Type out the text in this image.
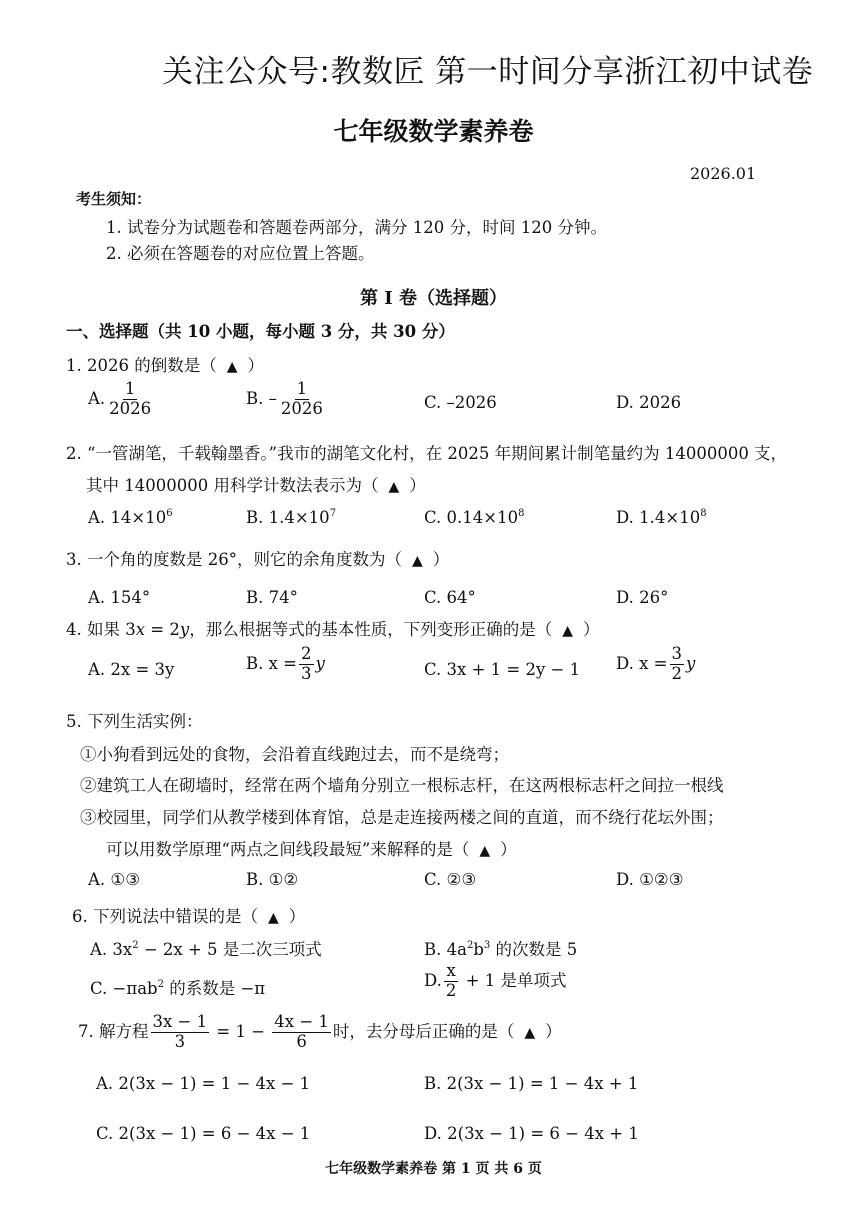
关注公众号:教数匠 第一时间分享浙江初中试卷
七年级数学素养卷
2026.01
考生须知：
1. 试卷分为试题卷和答题卷两部分，满分 120 分，时间 120 分钟。
2. 必须在答题卷的对应位置上答题。
第 I 卷（选择题）
一、选择题（共 10 小题，每小题 3 分，共 30 分）
1. 2026 的倒数是（ ▲ ）
A. $\frac{1}{2026}$	B. – $\frac{1}{2026}$	C. –2026	D. 2026
2. “一管湖笔，千载翰墨香。”我市的湖笔文化村，在 2025 年期间累计制笔量约为 14000000 支，
其中 14000000 用科学计数法表示为（ ▲ ）
A. $14\times 10^6$	B. $1.4\times 10^7$	C. $0.14\times 10^8$	D. $1.4\times 10^8$
3. 一个角的度数是 26°，则它的余角度数为（ ▲ ）
A. 154°	B. 74°	C. 64°	D. 26°
4. 如果 3x = 2y，那么根据等式的基本性质，下列变形正确的是（ ▲ ）
A. 2x = 3y	B. $x = \frac{2}{3}$ y	C. 3x + 1 = 2y − 1 D. $x = \frac{3}{2}$ y
5. 下列生活实例：
①小狗看到远处的食物，会沿着直线跑过去，而不是绕弯；
②建筑工人在砌墙时，经常在两个墙角分别立一根标志杆，在这两根标志杆之间拉一根线
③校园里，同学们从教学楼到体育馆，总是走连接两楼之间的直道，而不绕行花坛外围；
可以用数学原理“两点之间线段最短”来解释的是（ ▲ ）
A. ①③	B. ①②	C. ②③	D. ①②③
6. 下列说法中错误的是（ ▲ ）
A. $3x^2 - 2x + 5$ 是二次三项式	B. $4a^2b^3$ 的次数是 5
C. −πab$^2$ 的系数是 −π	D. $\frac{x}{2} + 1$ 是单项式
7. 解方程 $\frac{3x - 1}{3} = 1 - \frac{4x - 1}{6}$ 时，去分母后正确的是（ ▲ ）
A. 2(3x − 1) = 1 − 4x − 1	B. 2(3x − 1) = 1 − 4x + 1
C. 2(3x − 1) = 6 − 4x − 1	D. 2(3x − 1) = 6 − 4x + 1
七年级数学素养卷 第 1 页 共 6 页
